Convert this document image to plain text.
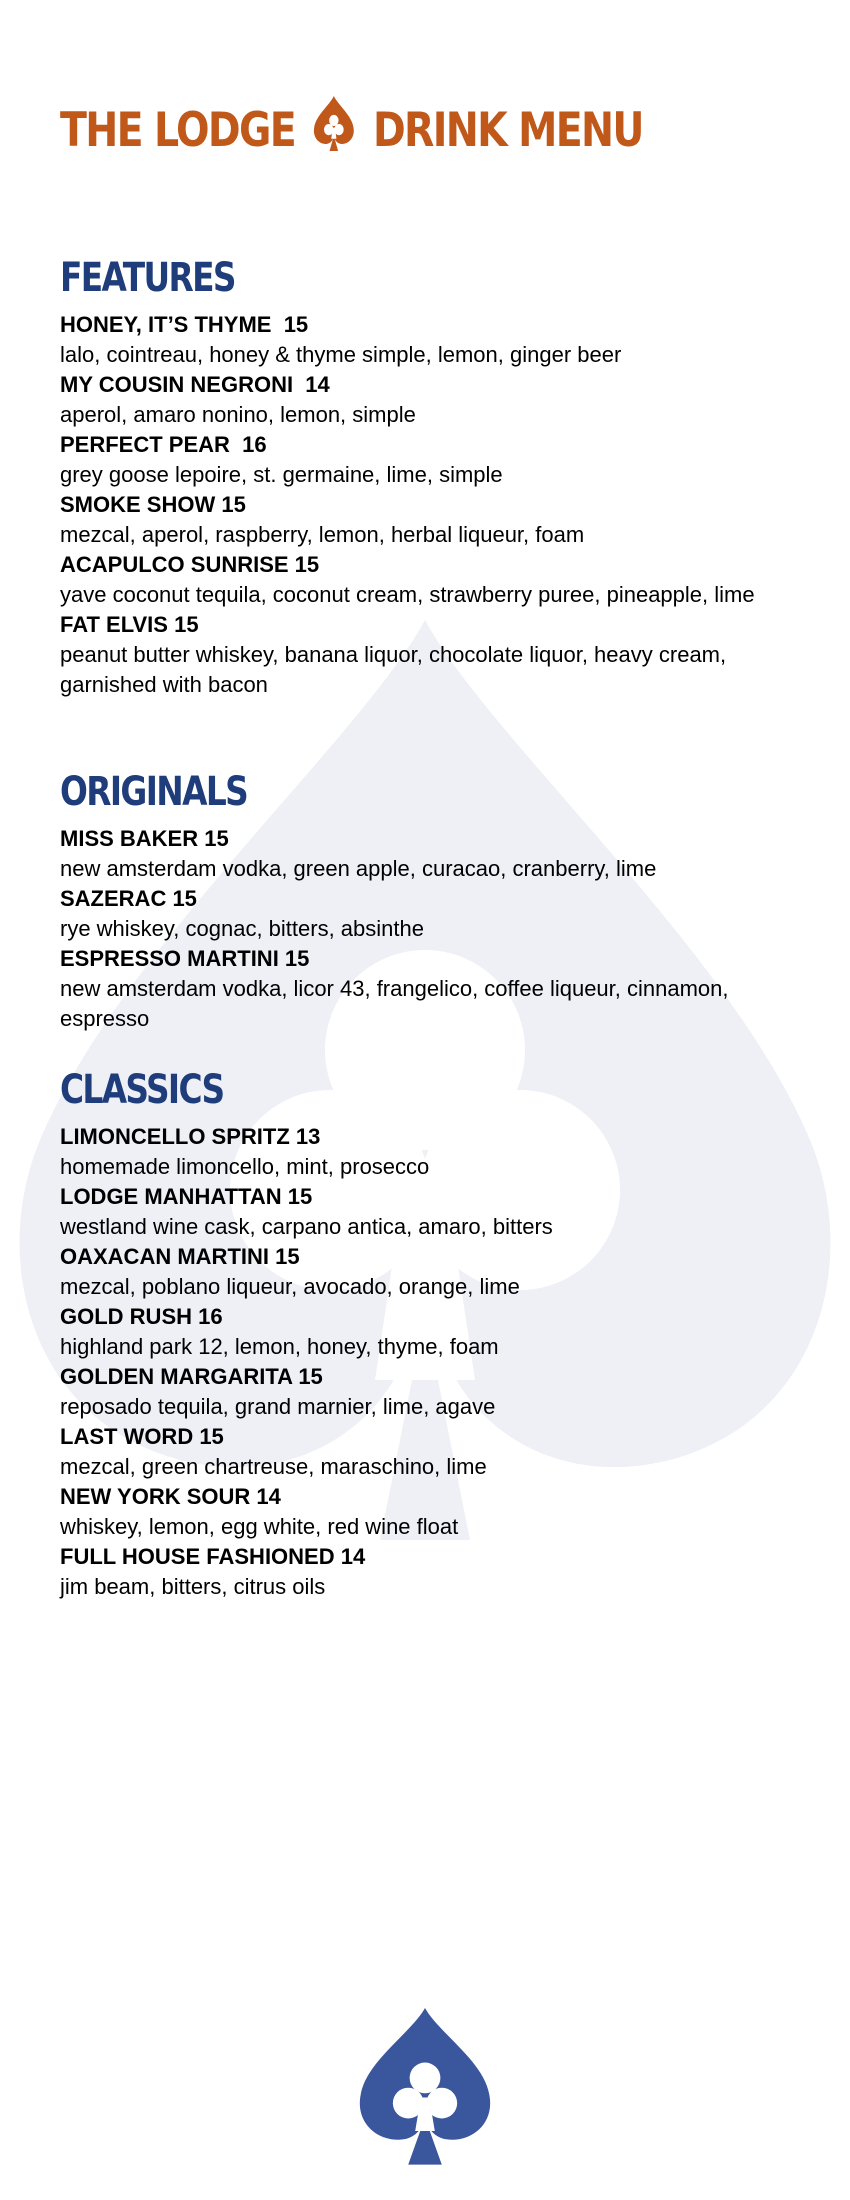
THE LODGE DRINK MENU
FEATURES
HONEY, IT’S THYME  15
lalo, cointreau, honey & thyme simple, lemon, ginger beer
MY COUSIN NEGRONI  14
aperol, amaro nonino, lemon, simple
PERFECT PEAR  16
grey goose lepoire, st. germaine, lime, simple
SMOKE SHOW 15
mezcal, aperol, raspberry, lemon, herbal liqueur, foam
ACAPULCO SUNRISE 15
yave coconut tequila, coconut cream, strawberry puree, pineapple, lime
FAT ELVIS 15
peanut butter whiskey, banana liquor, chocolate liquor, heavy cream, garnished with bacon
ORIGINALS
MISS BAKER 15
new amsterdam vodka, green apple, curacao, cranberry, lime
SAZERAC 15
rye whiskey, cognac, bitters, absinthe
ESPRESSO MARTINI 15
new amsterdam vodka, licor 43, frangelico, coffee liqueur, cinnamon, espresso
CLASSICS
LIMONCELLO SPRITZ 13
homemade limoncello, mint, prosecco
LODGE MANHATTAN 15
westland wine cask, carpano antica, amaro, bitters
OAXACAN MARTINI 15
mezcal, poblano liqueur, avocado, orange, lime
GOLD RUSH 16
highland park 12, lemon, honey, thyme, foam
GOLDEN MARGARITA 15
reposado tequila, grand marnier, lime, agave
LAST WORD 15
mezcal, green chartreuse, maraschino, lime
NEW YORK SOUR 14
whiskey, lemon, egg white, red wine float
FULL HOUSE FASHIONED 14
jim beam, bitters, citrus oils
